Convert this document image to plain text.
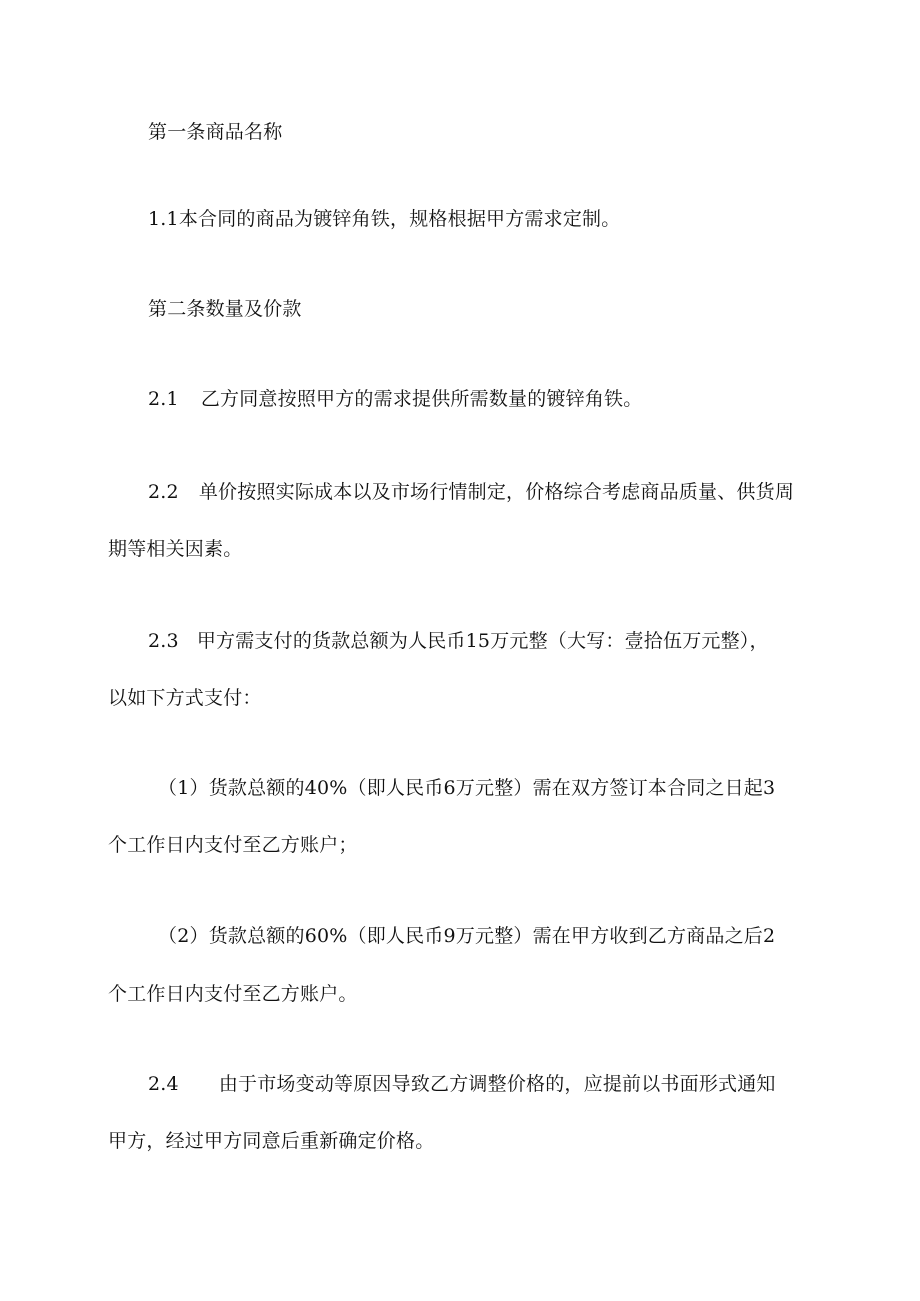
第一条商品名称
1.1本合同的商品为镀锌角铁，规格根据甲方需求定制。
第二条数量及价款
2.1 乙方同意按照甲方的需求提供所需数量的镀锌角铁。
2.2 单价按照实际成本以及市场行情制定，价格综合考虑商品质量、供货周
期等相关因素。
2.3 甲方需支付的货款总额为人民币15万元整（大写：壹拾伍万元整），
以如下方式支付：
（1）货款总额的40%（即人民币6万元整）需在双方签订本合同之日起3
个工作日内支付至乙方账户；
（2）货款总额的60%（即人民币9万元整）需在甲方收到乙方商品之后2
个工作日内支付至乙方账户。
2.4 由于市场变动等原因导致乙方调整价格的，应提前以书面形式通知
甲方，经过甲方同意后重新确定价格。
